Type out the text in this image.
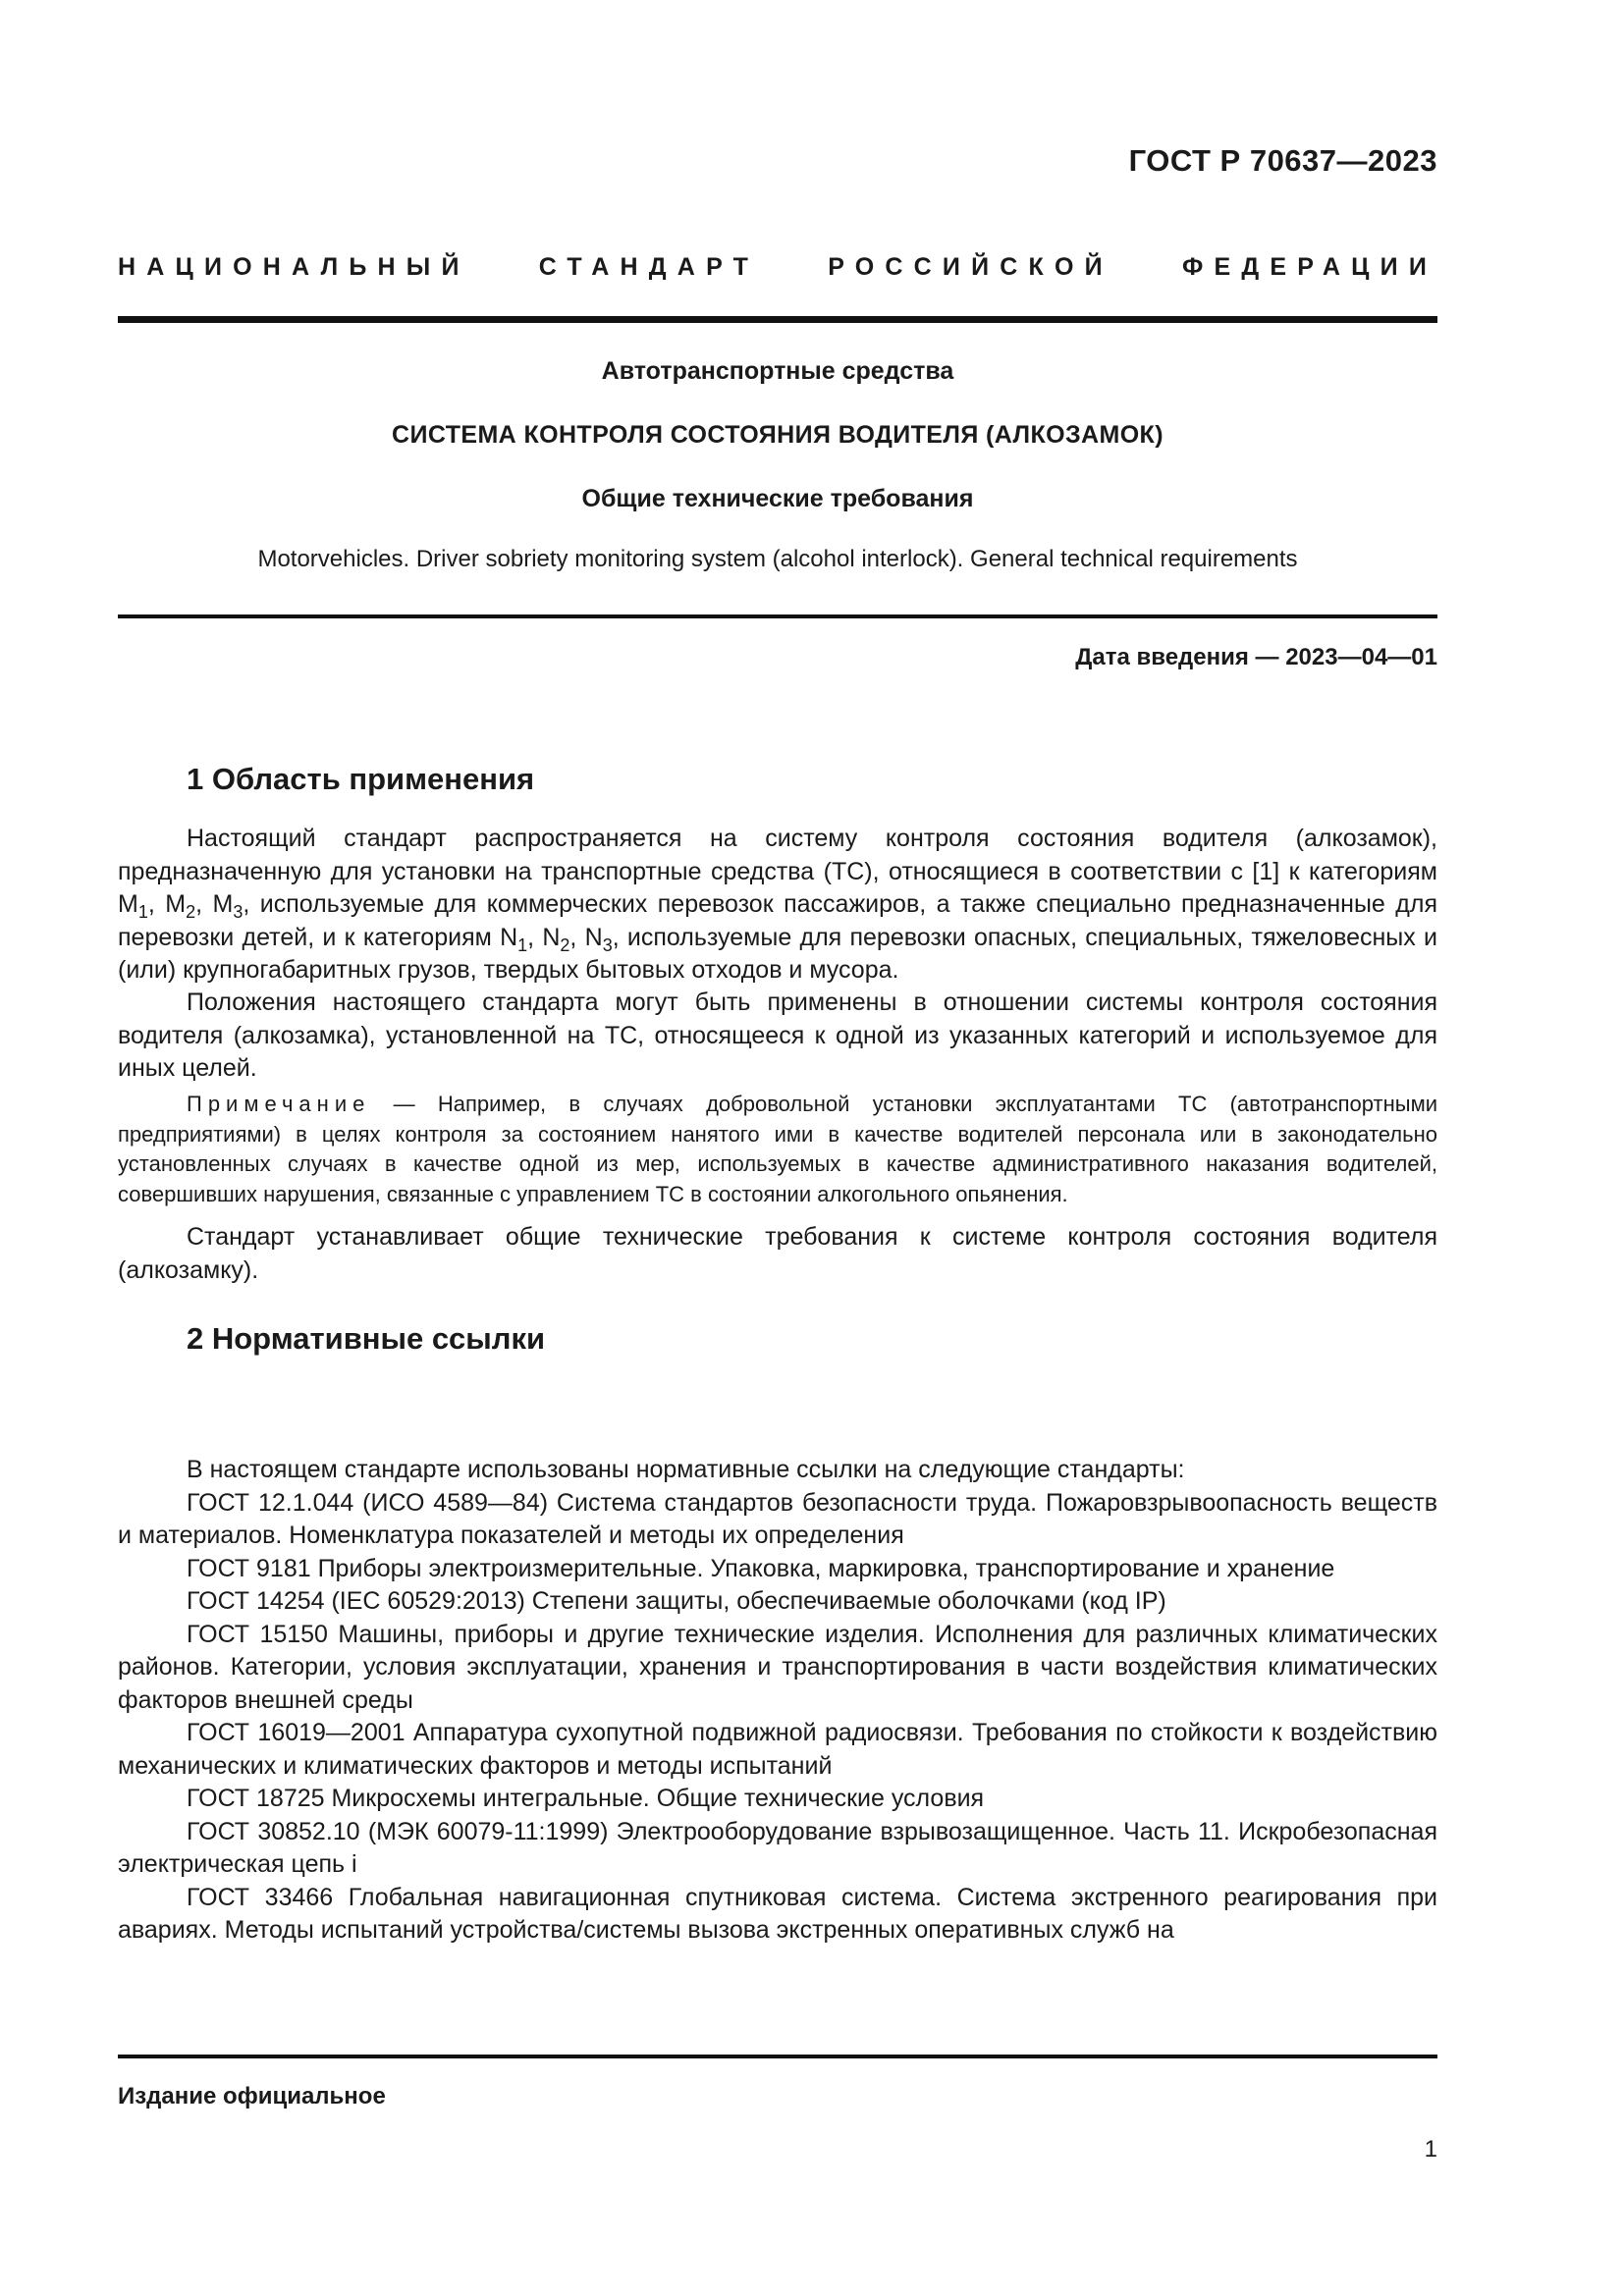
ГОСТ Р 70637—2023
НАЦИОНАЛЬНЫЙ СТАНДАРТ РОССИЙСКОЙ ФЕДЕРАЦИИ
Автотранспортные средства
СИСТЕМА КОНТРОЛЯ СОСТОЯНИЯ ВОДИТЕЛЯ (АЛКОЗАМОК)
Общие технические требования
Motorvehicles. Driver sobriety monitoring system (alcohol interlock). General technical requirements
Дата введения — 2023—04—01
1 Область применения

Настоящий стандарт распространяется на систему контроля состояния водителя (алкозамок), предназначенную для установки на транспортные средства (ТС), относящиеся в соответствии с [1] к категориям $M_1$, $M_2$, $M_3$, используемые для коммерческих перевозок пассажиров, а также специально предназначенные для перевозки детей, и к категориям $N_1$, $N_2$, $N_3$, используемые для перевозки опасных, специальных, тяжеловесных и (или) крупногабаритных грузов, твердых бытовых отходов и мусора.

Положения настоящего стандарта могут быть применены в отношении системы контроля состояния водителя (алкозамка), установленной на ТС, относящееся к одной из указанных категорий и используемое для иных целей.

Примечание — Например, в случаях добровольной установки эксплуатантами ТС (автотранспортными предприятиями) в целях контроля за состоянием нанятого ими в качестве водителей персонала или в законодательно установленных случаях в качестве одной из мер, используемых в качестве административного наказания водителей, совершивших нарушения, связанные с управлением ТС в состоянии алкогольного опьянения.

Стандарт устанавливает общие технические требования к системе контроля состояния водителя (алкозамку).

2 Нормативные ссылки

В настоящем стандарте использованы нормативные ссылки на следующие стандарты:

ГОСТ 12.1.044 (ИСО 4589—84) Система стандартов безопасности труда. Пожаровзрывоопасность веществ и материалов. Номенклатура показателей и методы их определения

ГОСТ 9181 Приборы электроизмерительные. Упаковка, маркировка, транспортирование и хранение

ГОСТ 14254 (IEC 60529:2013) Степени защиты, обеспечиваемые оболочками (код IP)

ГОСТ 15150 Машины, приборы и другие технические изделия. Исполнения для различных климатических районов. Категории, условия эксплуатации, хранения и транспортирования в части воздействия климатических факторов внешней среды

ГОСТ 16019—2001 Аппаратура сухопутной подвижной радиосвязи. Требования по стойкости к воздействию механических и климатических факторов и методы испытаний

ГОСТ 18725 Микросхемы интегральные. Общие технические условия

ГОСТ 30852.10 (МЭК 60079-11:1999) Электрооборудование взрывозащищенное. Часть 11. Искробезопасная электрическая цепь i

ГОСТ 33466 Глобальная навигационная спутниковая система. Система экстренного реагирования при авариях. Методы испытаний устройства/системы вызова экстренных оперативных служб на

Издание официальное
1
